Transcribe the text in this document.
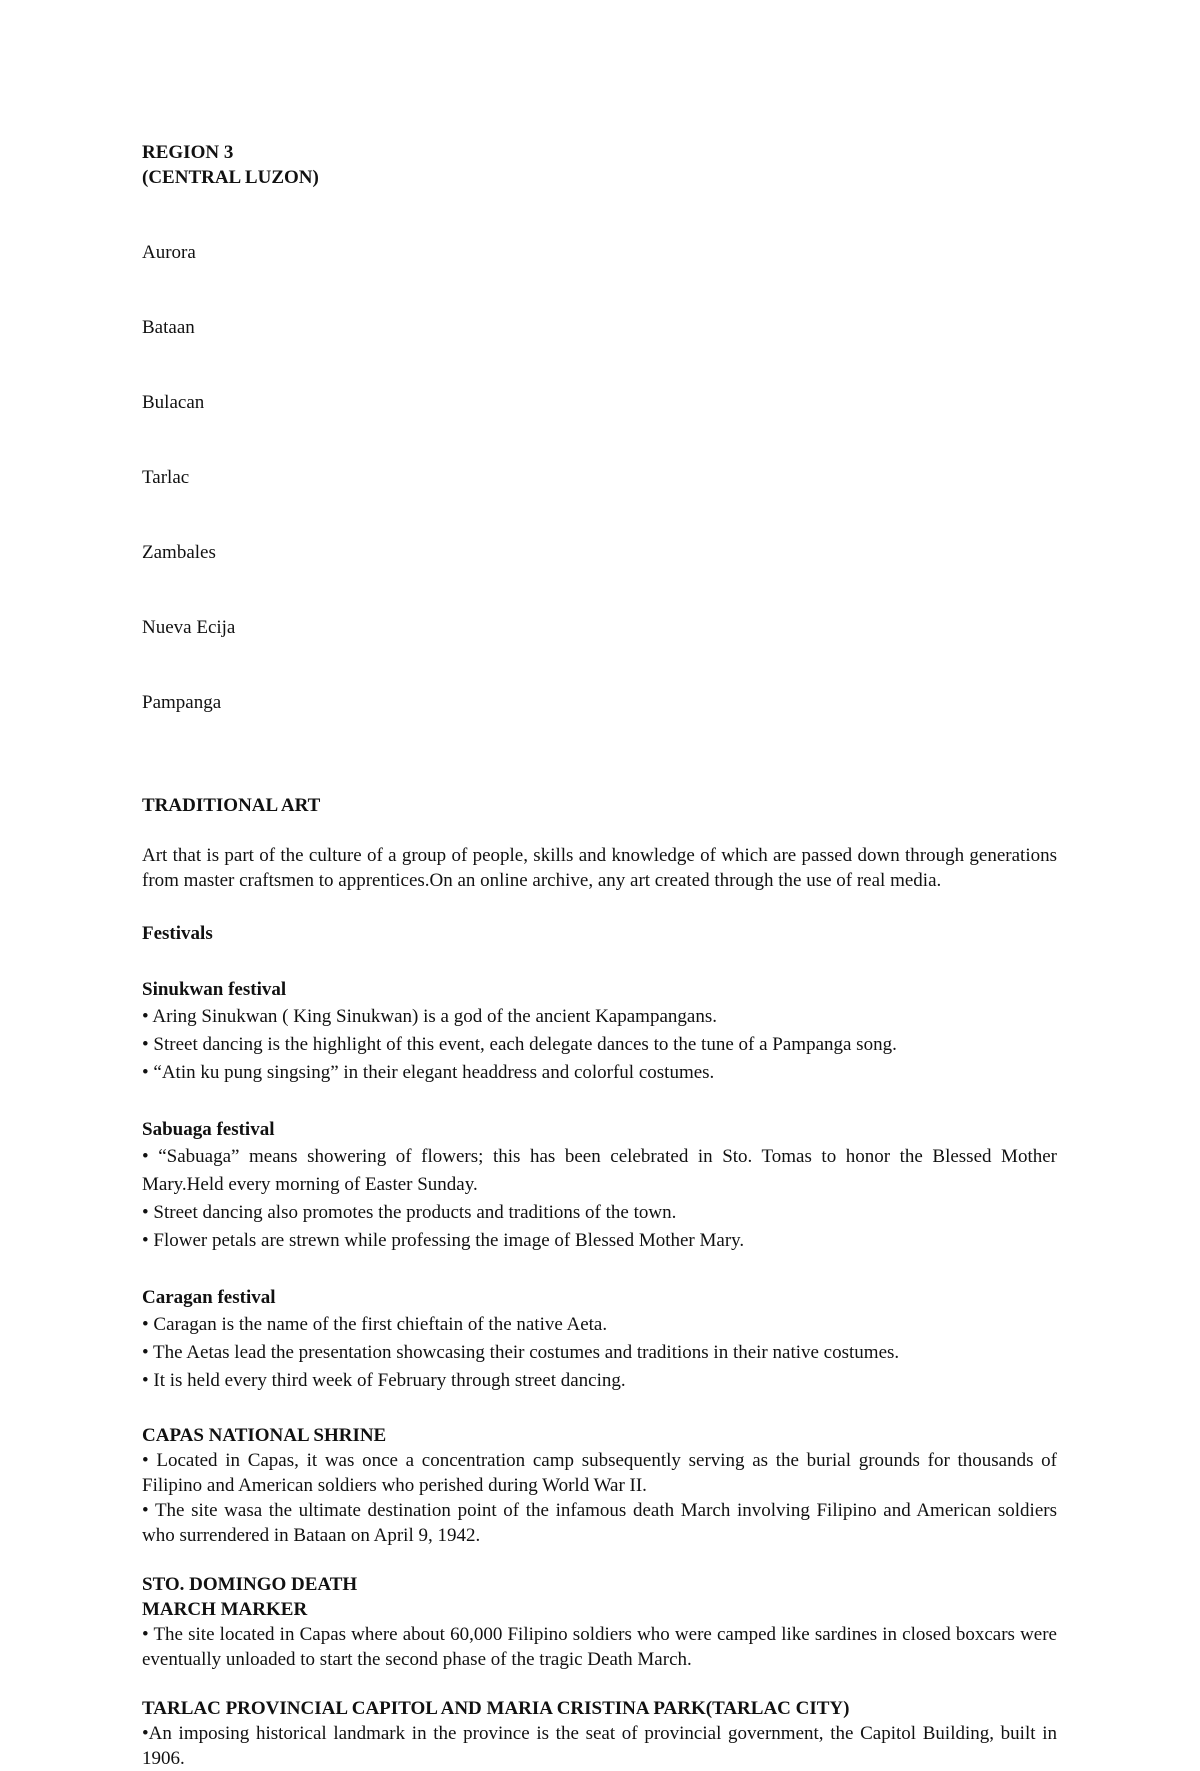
REGION 3
(CENTRAL LUZON)

Aurora

Bataan

Bulacan

Tarlac

Zambales

Nueva Ecija

Pampanga

TRADITIONAL ART

Art that is part of the culture of a group of people, skills and knowledge of which are passed down through generations from master craftsmen to apprentices.On an online archive, any art created through the use of real media.

Festivals
Sinukwan festival

• Aring Sinukwan ( King Sinukwan) is a god of the ancient Kapampangans.

• Street dancing is the highlight of this event, each delegate dances to the tune of a Pampanga song.

• “Atin ku pung singsing” in their elegant headdress and colorful costumes.

Sabuaga festival

• “Sabuaga” means showering of flowers; this has been celebrated in Sto. Tomas to honor the Blessed Mother Mary.Held every morning of Easter Sunday.

• Street dancing also promotes the products and traditions of the town.

• Flower petals are strewn while professing the image of Blessed Mother Mary.

Caragan festival

• Caragan is the name of the first chieftain of the native Aeta.

• The Aetas lead the presentation showcasing their costumes and traditions in their native costumes.

• It is held every third week of February through street dancing.

CAPAS NATIONAL SHRINE

• Located in Capas, it was once a concentration camp subsequently serving as the burial grounds for thousands of Filipino and American soldiers who perished during World War II.

• The site wasa the ultimate destination point of the infamous death March involving Filipino and American soldiers who surrendered in Bataan on April 9, 1942.

STO. DOMINGO DEATH
MARCH MARKER

• The site located in Capas where about 60,000 Filipino soldiers who were camped like sardines in closed boxcars were eventually unloaded to start the second phase of the tragic Death March.

TARLAC PROVINCIAL CAPITOL AND MARIA CRISTINA PARK(TARLAC CITY)

•An imposing historical landmark in the province is the seat of provincial government, the Capitol Building, built in 1906.
